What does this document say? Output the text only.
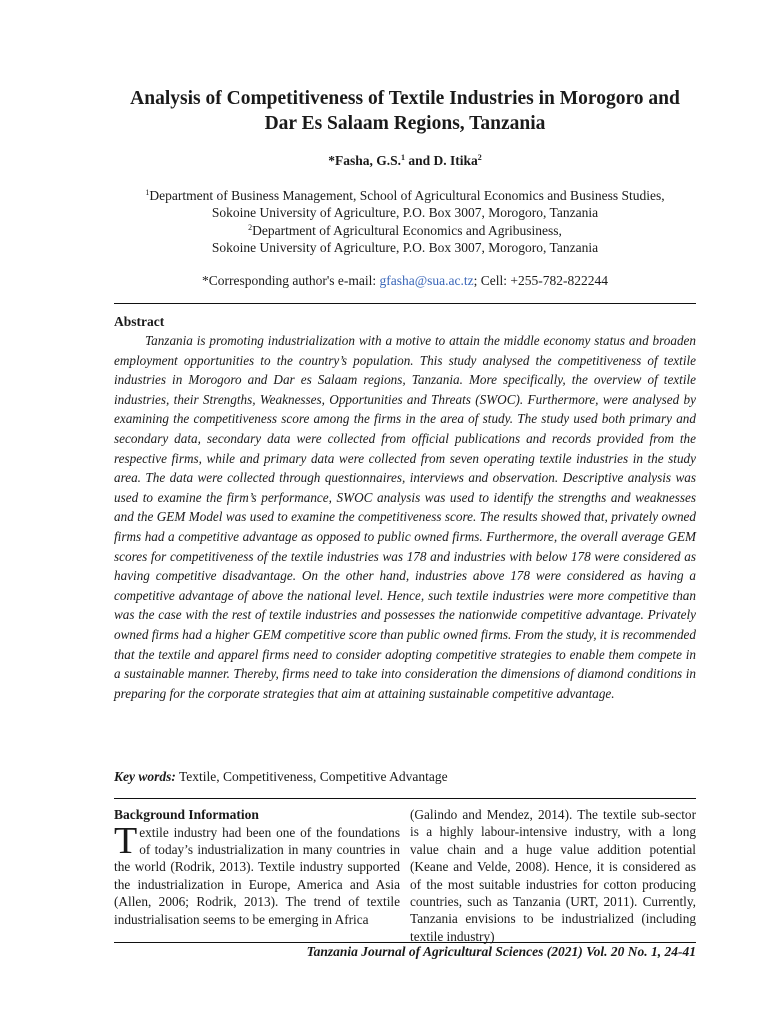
Analysis of Competitiveness of Textile Industries in Morogoro and
Dar Es Salaam Regions, Tanzania
*Fasha, G.S.$^1$ and D. Itika$^2$
$^1$Department of Business Management, School of Agricultural Economics and Business Studies,
Sokoine University of Agriculture, P.O. Box 3007, Morogoro, Tanzania
$^2$Department of Agricultural Economics and Agribusiness,
Sokoine University of Agriculture, P.O. Box 3007, Morogoro, Tanzania
*Corresponding author's e-mail: gfasha@sua.ac.tz; Cell: +255-782-822244
Abstract

Tanzania is promoting industrialization with a motive to attain the middle economy status and broaden employment opportunities to the country’s population. This study analysed the competitiveness of textile industries in Morogoro and Dar es Salaam regions, Tanzania. More specifically, the overview of textile industries, their Strengths, Weaknesses, Opportunities and Threats (SWOC). Furthermore, were analysed by examining the competitiveness score among the firms in the area of study. The study used both primary and secondary data, secondary data were collected from official publications and records provided from the respective firms, while and primary data were collected from seven operating textile industries in the study area. The data were collected through questionnaires, interviews and observation. Descriptive analysis was used to examine the firm’s performance, SWOC analysis was used to identify the strengths and weaknesses and the GEM Model was used to examine the competitiveness score. The results showed that, privately owned firms had a competitive advantage as opposed to public owned firms. Furthermore, the overall average GEM scores for competitiveness of the textile industries was 178 and industries with below 178 were considered as having competitive disadvantage. On the other hand, industries above 178 were considered as having a competitive advantage of above the national level. Hence, such textile industries were more competitive than was the case with the rest of textile industries and possesses the nationwide competitive advantage. Privately owned firms had a higher GEM competitive score than public owned firms. From the study, it is recommended that the textile and apparel firms need to consider adopting competitive strategies to enable them compete in a sustainable manner. Thereby, firms need to take into consideration the dimensions of diamond conditions in preparing for the corporate strategies that aim at attaining sustainable competitive advantage.

Key words: Textile, Competitiveness, Competitive Advantage

Background Information

Textile industry had been one of the foundations of today’s industrialization in many countries in the world (Rodrik, 2013). Textile industry supported the industrialization in Europe, America and Asia (Allen, 2006; Rodrik, 2013). The trend of textile industrialisation seems to be emerging in Africa

(Galindo and Mendez, 2014). The textile sub-sector is a highly labour-intensive industry, with a long value chain and a huge value addition potential (Keane and Velde, 2008). Hence, it is considered as of the most suitable industries for cotton producing countries, such as Tanzania (URT, 2011). Currently, Tanzania envisions to be industrialized (including textile industry)

Tanzania Journal of Agricultural Sciences (2021) Vol. 20 No. 1, 24-41
